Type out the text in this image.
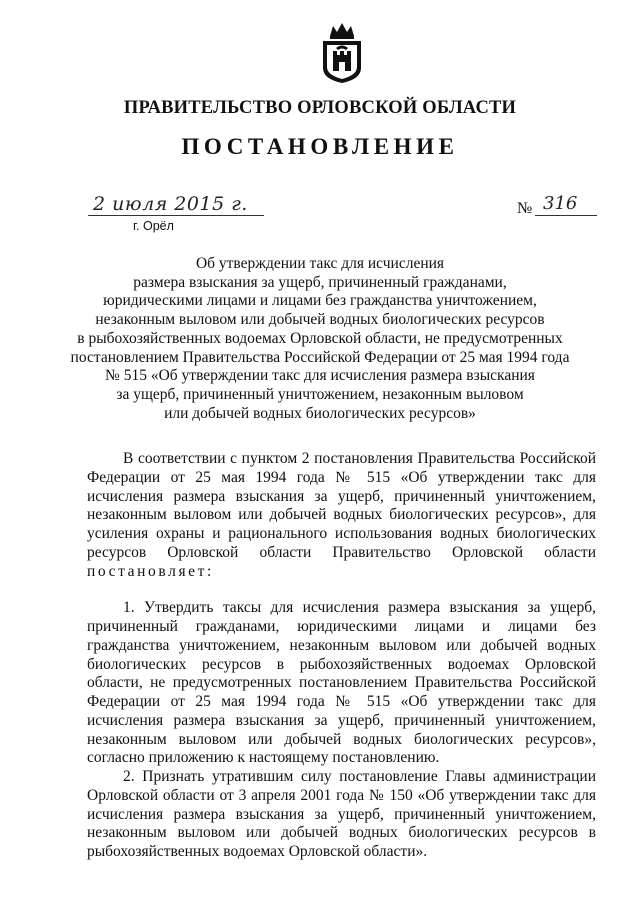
ПРАВИТЕЛЬСТВО ОРЛОВСКОЙ ОБЛАСТИ
ПОСТАНОВЛЕНИЕ
2 июля 2015 г.
г. Орёл
№ 316
Об утверждении такс для исчисления
размера взыскания за ущерб, причиненный гражданами,
юридическими лицами и лицами без гражданства уничтожением,
незаконным выловом или добычей водных биологических ресурсов
в рыбохозяйственных водоемах Орловской области, не предусмотренных
постановлением Правительства Российской Федерации от 25 мая 1994 года
№ 515 «Об утверждении такс для исчисления размера взыскания
за ущерб, причиненный уничтожением, незаконным выловом
или добычей водных биологических ресурсов»

В соответствии с пунктом 2 постановления Правительства Российской Федерации от 25 мая 1994 года № 515 «Об утверждении такс для исчисления размера взыскания за ущерб, причиненный уничтожением, незаконным выловом или добычей водных биологических ресурсов», для усиления охраны и рационального использования водных биологических ресурсов Орловской области Правительство Орловской области постановляет:

1. Утвердить таксы для исчисления размера взыскания за ущерб, причиненный гражданами, юридическими лицами и лицами без гражданства уничтожением, незаконным выловом или добычей водных биологических ресурсов в рыбохозяйственных водоемах Орловской области, не предусмотренных постановлением Правительства Российской Федерации от 25 мая 1994 года № 515 «Об утверждении такс для исчисления размера взыскания за ущерб, причиненный уничтожением, незаконным выловом или добычей водных биологических ресурсов», согласно приложению к настоящему постановлению.

2. Признать утратившим силу постановление Главы администрации Орловской области от 3 апреля 2001 года № 150 «Об утверждении такс для исчисления размера взыскания за ущерб, причиненный уничтожением, незаконным выловом или добычей водных биологических ресурсов в рыбохозяйственных водоемах Орловской области».
